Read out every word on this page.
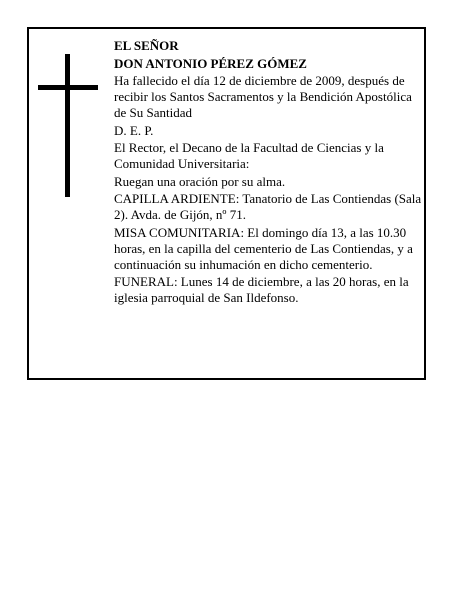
EL SEÑOR

DON ANTONIO PÉREZ GÓMEZ

Ha fallecido el día 12 de diciembre de 2009, después de recibir los Santos Sacramentos y la Bendición Apostólica de Su Santidad

D. E. P.

El Rector, el Decano de la Facultad de Ciencias y la Comunidad Universitaria:

Ruegan una oración por su alma.

CAPILLA ARDIENTE: Tanatorio de Las Contiendas (Sala 2). Avda. de Gijón, nº 71.

MISA COMUNITARIA: El domingo día 13, a las 10.30 horas, en la capilla del cementerio de Las Contiendas, y a continuación su inhumación en dicho cementerio.

FUNERAL: Lunes 14 de diciembre, a las 20 horas, en la iglesia parroquial de San Ildefonso.
